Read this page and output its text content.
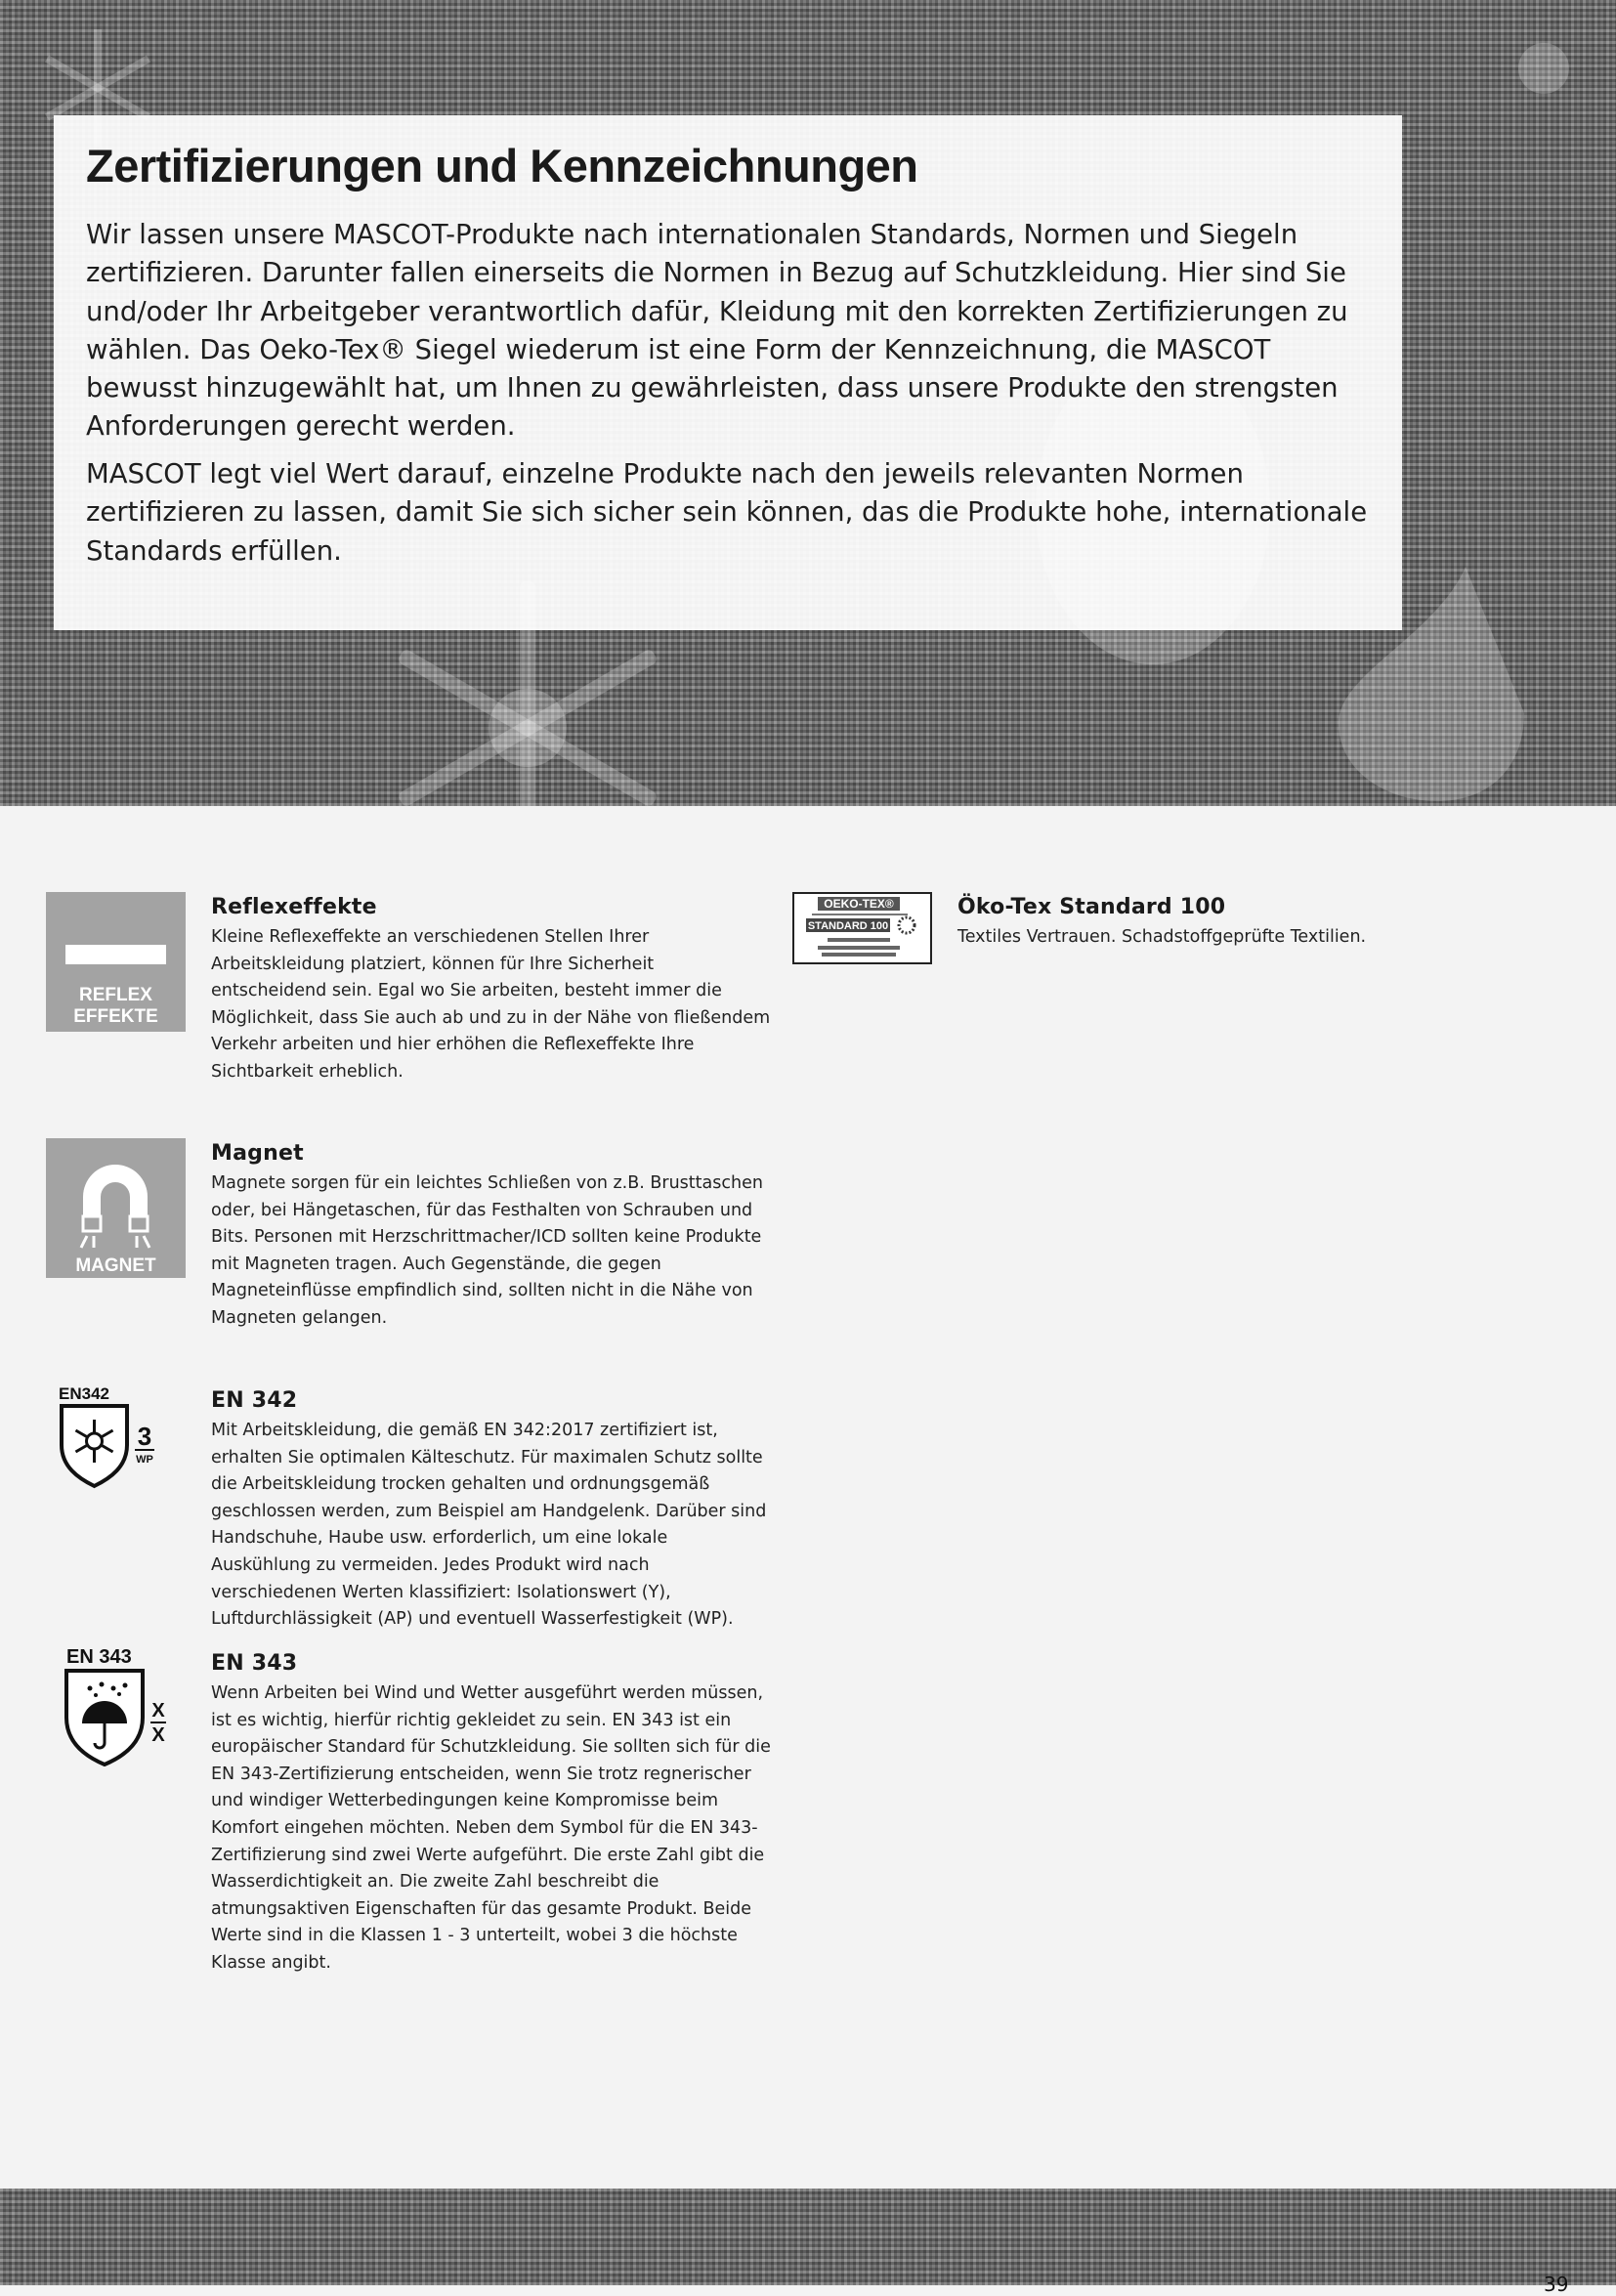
Zertifizierungen und Kennzeichnungen

Wir lassen unsere MASCOT-Produkte nach internationalen Standards, Normen und Siegeln zertifizieren. Darunter fallen einerseits die Normen in Bezug auf Schutzkleidung. Hier sind Sie und/oder Ihr Arbeitgeber verantwortlich dafür, Kleidung mit den korrekten Zertifizierungen zu wählen. Das Oeko-Tex® Siegel wiederum ist eine Form der Kennzeichnung, die MASCOT bewusst hinzugewählt hat, um Ihnen zu gewährleisten, dass unsere Produkte den strengsten Anforderungen gerecht werden.

MASCOT legt viel Wert darauf, einzelne Produkte nach den jeweils relevanten Normen zertifizieren zu lassen, damit Sie sich sicher sein können, das die Produkte hohe, internationale Standards erfüllen.

REFLEX
EFFEKTE
Reflexeffekte

Kleine Reflexeffekte an verschiedenen Stellen Ihrer Arbeitskleidung platziert, können für Ihre Sicherheit entscheidend sein. Egal wo Sie arbeiten, besteht immer die Möglichkeit, dass Sie auch ab und zu in der Nähe von fließendem Verkehr arbeiten und hier erhöhen die Reflexeffekte Ihre Sichtbarkeit erheblich.

MAGNET
Magnet

Magnete sorgen für ein leichtes Schließen von z.B. Brusttaschen oder, bei Hängetaschen, für das Festhalten von Schrauben und Bits. Personen mit Herzschrittmacher/ICD sollten keine Produkte mit Magneten tragen. Auch Gegenstände, die gegen Magneteinflüsse empfindlich sind, sollten nicht in die Nähe von Magneten gelangen.

EN342
3
WP
EN 342

Mit Arbeitskleidung, die gemäß EN 342:2017 zertifiziert ist, erhalten Sie optimalen Kälteschutz. Für maximalen Schutz sollte die Arbeitskleidung trocken gehalten und ordnungsgemäß geschlossen werden, zum Beispiel am Handgelenk. Darüber sind Handschuhe, Haube usw. erforderlich, um eine lokale Auskühlung zu vermeiden. Jedes Produkt wird nach verschiedenen Werten klassifiziert: Isolationswert (Y), Luftdurchlässigkeit (AP) und eventuell Wasserfestigkeit (WP).

EN 343
X
X
EN 343

Wenn Arbeiten bei Wind und Wetter ausgeführt werden müssen, ist es wichtig, hierfür richtig gekleidet zu sein. EN 343 ist ein europäischer Standard für Schutzkleidung. Sie sollten sich für die EN 343-Zertifizierung entscheiden, wenn Sie trotz regnerischer und windiger Wetterbedingungen keine Kompromisse beim Komfort eingehen möchten. Neben dem Symbol für die EN 343-Zertifizierung sind zwei Werte aufgeführt. Die erste Zahl gibt die Wasserdichtigkeit an. Die zweite Zahl beschreibt die atmungsaktiven Eigenschaften für das gesamte Produkt. Beide Werte sind in die Klassen 1 - 3 unterteilt, wobei 3 die höchste Klasse angibt.

OEKO-TEX®
STANDARD 100
Öko-Tex Standard 100

Textiles Vertrauen. Schadstoffgeprüfte Textilien.

39
